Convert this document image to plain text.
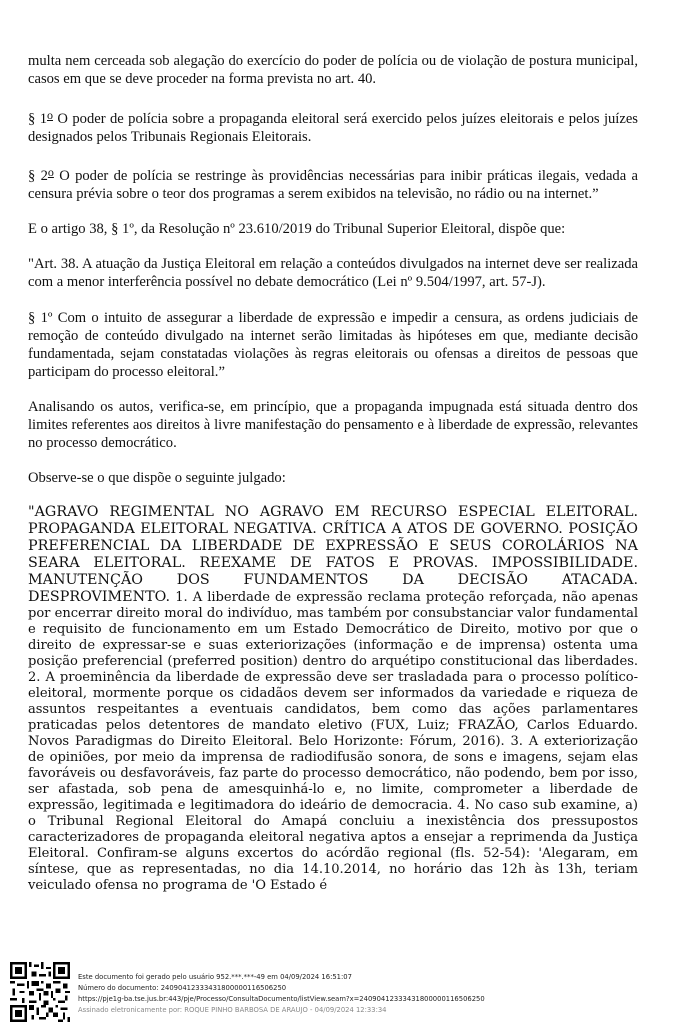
multa nem cerceada sob alegação do exercício do poder de polícia ou de violação de postura municipal, casos em que se deve proceder na forma prevista no art. 40.

§ 1$^o$ O poder de polícia sobre a propaganda eleitoral será exercido pelos juízes eleitorais e pelos juízes designados pelos Tribunais Regionais Eleitorais.

§ 2$^o$ O poder de polícia se restringe às providências necessárias para inibir práticas ilegais, vedada a censura prévia sobre o teor dos programas a serem exibidos na televisão, no rádio ou na internet.”

E o artigo 38, § 1º, da Resolução nº 23.610/2019 do Tribunal Superior Eleitoral, dispõe que:

"Art. 38. A atuação da Justiça Eleitoral em relação a conteúdos divulgados na internet deve ser realizada com a menor interferência possível no debate democrático (Lei nº 9.504/1997, art. 57-J).

§ 1º Com o intuito de assegurar a liberdade de expressão e impedir a censura, as ordens judiciais de remoção de conteúdo divulgado na internet serão limitadas às hipóteses em que, mediante decisão fundamentada, sejam constatadas violações às regras eleitorais ou ofensas a direitos de pessoas que participam do processo eleitoral.”

Analisando os autos, verifica-se, em princípio, que a propaganda impugnada está situada dentro dos limites referentes aos direitos à livre manifestação do pensamento e à liberdade de expressão, relevantes no processo democrático.

Observe-se o que dispõe o seguinte julgado:

"AGRAVO REGIMENTAL NO AGRAVO EM RECURSO ESPECIAL ELEITORAL. PROPAGANDA ELEITORAL NEGATIVA. CRÍTICA A ATOS DE GOVERNO. POSIÇÃO PREFERENCIAL DA LIBERDADE DE EXPRESSÃO E SEUS COROLÁRIOS NA SEARA ELEITORAL. REEXAME DE FATOS E PROVAS. IMPOSSIBILIDADE. MANUTENÇÃO DOS FUNDAMENTOS DA DECISÃO ATACADA. DESPROVIMENTO. 1. A liberdade de expressão reclama proteção reforçada, não apenas por encerrar direito moral do indivíduo, mas também por consubstanciar valor fundamental e requisito de funcionamento em um Estado Democrático de Direito, motivo por que o direito de expressar-se e suas exteriorizações (informação e de imprensa) ostenta uma posição preferencial (preferred position) dentro do arquétipo constitucional das liberdades. 2. A proeminência da liberdade de expressão deve ser trasladada para o processo político-eleitoral, mormente porque os cidadãos devem ser informados da variedade e riqueza de assuntos respeitantes a eventuais candidatos, bem como das ações parlamentares praticadas pelos detentores de mandato eletivo (FUX, Luiz; FRAZÃO, Carlos Eduardo. Novos Paradigmas do Direito Eleitoral. Belo Horizonte: Fórum, 2016). 3. A exteriorização de opiniões, por meio da imprensa de radiodifusão sonora, de sons e imagens, sejam elas favoráveis ou desfavoráveis, faz parte do processo democrático, não podendo, bem por isso, ser afastada, sob pena de amesquinhá-lo e, no limite, comprometer a liberdade de expressão, legitimada e legitimadora do ideário de democracia. 4. No caso sub examine, a) o Tribunal Regional Eleitoral do Amapá concluiu a inexistência dos pressupostos caracterizadores de propaganda eleitoral negativa aptos a ensejar a reprimenda da Justiça Eleitoral. Confiram-se alguns excertos do acórdão regional (fls. 52-54): 'Alegaram, em síntese, que as representadas, no dia 14.10.2014, no horário das 12h às 13h, teriam veiculado ofensa no programa de 'O Estado é

Este documento foi gerado pelo usuário 952.***.***-49 em 04/09/2024 16:51:07
Número do documento: 24090412333431800000116506250
https://pje1g-ba.tse.jus.br:443/pje/Processo/ConsultaDocumento/listView.seam?x=24090412333431800000116506250
Assinado eletronicamente por: ROQUE PINHO BARBOSA DE ARAUJO - 04/09/2024 12:33:34
